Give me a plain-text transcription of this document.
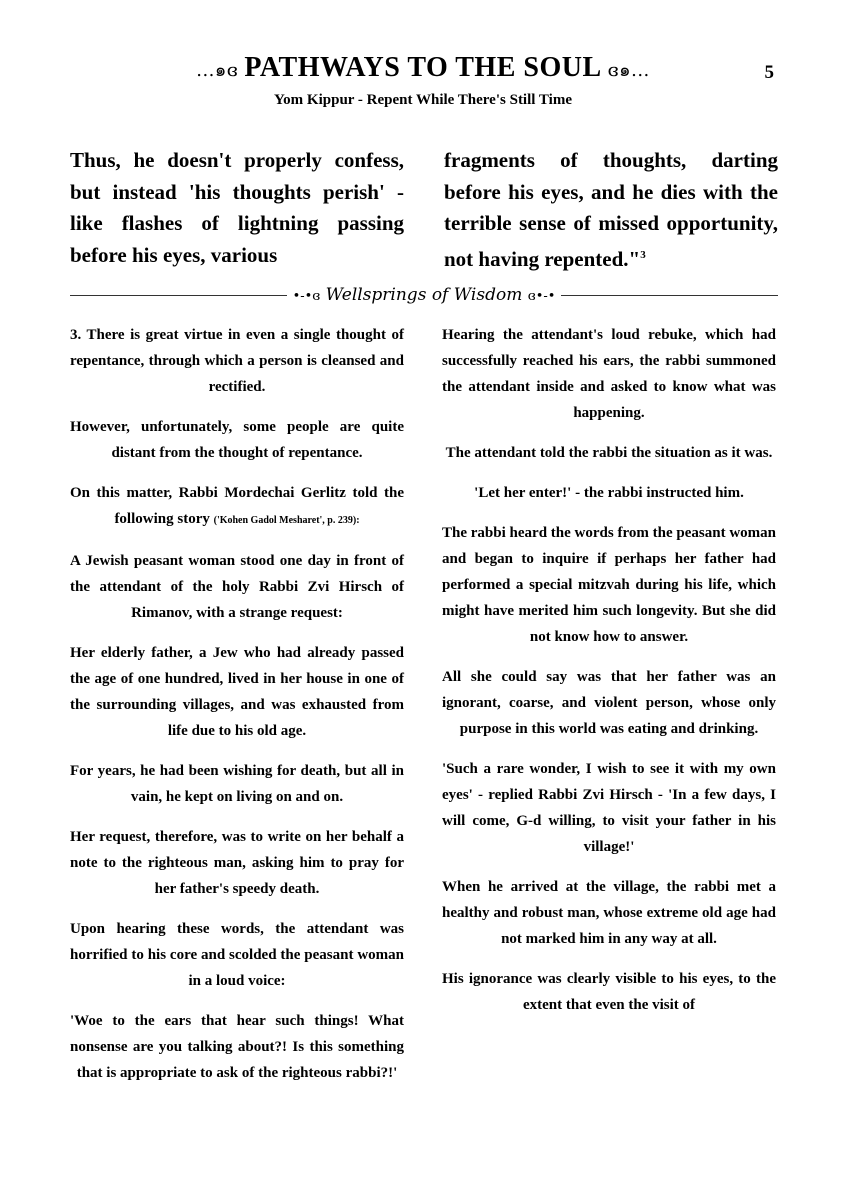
...๑ɞ PATHWAYS TO THE SOUL ɞ๑...	5
Yom Kippur - Repent While There's Still Time
Thus, he doesn't properly confess, but instead 'his thoughts perish' - like flashes of lightning passing before his eyes, various
fragments of thoughts, darting before his eyes, and he dies with the terrible sense of missed opportunity, not having repented."$^3$
•-•ɞ Wellsprings of Wisdom ɞ•-•

3. There is great virtue in even a single thought of repentance, through which a person is cleansed and rectified.

However, unfortunately, some people are quite distant from the thought of repentance.

On this matter, Rabbi Mordechai Gerlitz told the following story ('Kohen Gadol Mesharet', p. 239):

A Jewish peasant woman stood one day in front of the attendant of the holy Rabbi Zvi Hirsch of Rimanov, with a strange request:

Her elderly father, a Jew who had already passed the age of one hundred, lived in her house in one of the surrounding villages, and was exhausted from life due to his old age.

For years, he had been wishing for death, but all in vain, he kept on living on and on.

Her request, therefore, was to write on her behalf a note to the righteous man, asking him to pray for her father's speedy death.

Upon hearing these words, the attendant was horrified to his core and scolded the peasant woman in a loud voice:

'Woe to the ears that hear such things! What nonsense are you talking about?! Is this something that is appropriate to ask of the righteous rabbi?!'

Hearing the attendant's loud rebuke, which had successfully reached his ears, the rabbi summoned the attendant inside and asked to know what was happening.

The attendant told the rabbi the situation as it was.

'Let her enter!' - the rabbi instructed him.

The rabbi heard the words from the peasant woman and began to inquire if perhaps her father had performed a special mitzvah during his life, which might have merited him such longevity. But she did not know how to answer.

All she could say was that her father was an ignorant, coarse, and violent person, whose only purpose in this world was eating and drinking.

'Such a rare wonder, I wish to see it with my own eyes' - replied Rabbi Zvi Hirsch - 'In a few days, I will come, G-d willing, to visit your father in his village!'

When he arrived at the village, the rabbi met a healthy and robust man, whose extreme old age had not marked him in any way at all.

His ignorance was clearly visible to his eyes, to the extent that even the visit of
